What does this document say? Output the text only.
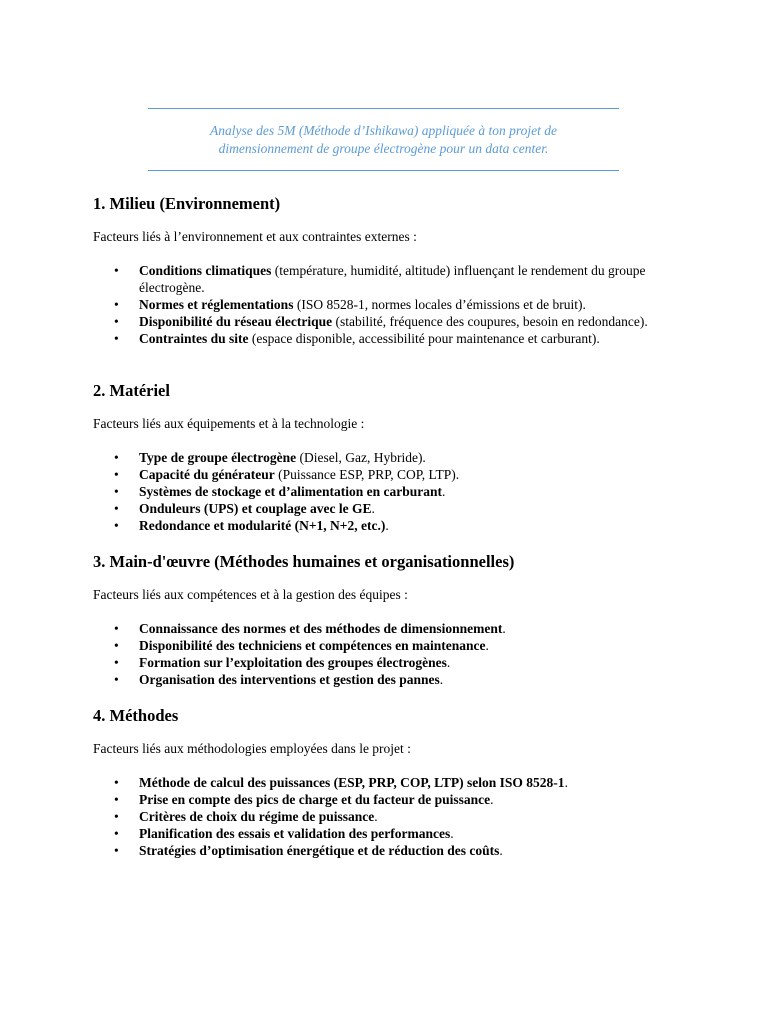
Analyse des 5M (Méthode d’Ishikawa) appliquée à ton projet de
dimensionnement de groupe électrogène pour un data center.
1. Milieu (Environnement)

Facteurs liés à l’environnement et aux contraintes externes :

• Conditions climatiques (température, humidité, altitude) influençant le rendement du groupe électrogène.
• Normes et réglementations (ISO 8528-1, normes locales d’émissions et de bruit).
• Disponibilité du réseau électrique (stabilité, fréquence des coupures, besoin en redondance).
• Contraintes du site (espace disponible, accessibilité pour maintenance et carburant).
2. Matériel

Facteurs liés aux équipements et à la technologie :

• Type de groupe électrogène (Diesel, Gaz, Hybride).
• Capacité du générateur (Puissance ESP, PRP, COP, LTP).
• Systèmes de stockage et d’alimentation en carburant.
• Onduleurs (UPS) et couplage avec le GE.
• Redondance et modularité (N+1, N+2, etc.).
3. Main-d'œuvre (Méthodes humaines et organisationnelles)

Facteurs liés aux compétences et à la gestion des équipes :

• Connaissance des normes et des méthodes de dimensionnement.
• Disponibilité des techniciens et compétences en maintenance.
• Formation sur l’exploitation des groupes électrogènes.
• Organisation des interventions et gestion des pannes.
4. Méthodes

Facteurs liés aux méthodologies employées dans le projet :

• Méthode de calcul des puissances (ESP, PRP, COP, LTP) selon ISO 8528-1.
• Prise en compte des pics de charge et du facteur de puissance.
• Critères de choix du régime de puissance.
• Planification des essais et validation des performances.
• Stratégies d’optimisation énergétique et de réduction des coûts.
